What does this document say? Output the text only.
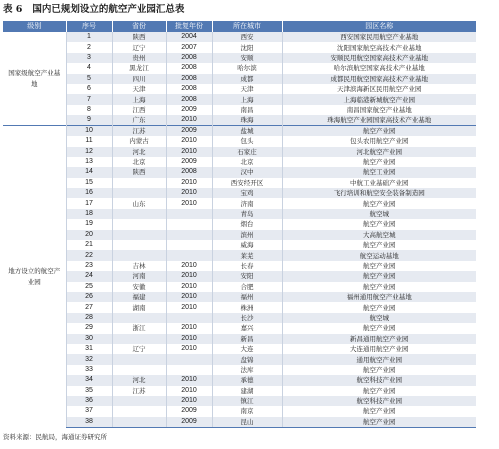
表 6 国内已规划设立的航空产业园汇总表
级别	序号	省份	批复年份	所在城市	园区名称
国家级航空产业基地	1	陕西	2004	西安	西安国家民用航空产业基地
	2	辽宁	2007	沈阳	沈阳国家航空高技术产业基地
	3	贵州	2008	安顺	安顺民用航空国家高技术产业基地
	4	黑龙江	2008	哈尔滨	哈尔滨航空国家高技术产业基地
	5	四川	2008	成都	成都民用航空国家高技术产业基地
	6	天津	2008	天津	天津滨海新区民用航空产业园
	7	上海	2008	上海	上海临港新城航空产业园
	8	江西	2009	南昌	南昌国家航空产业基地
	9	广东	2010	珠海	珠海航空产业园国家高技术产业基地
地方设立的航空产业园	10	江苏	2009	盐城	航空产业园
	11	内蒙古	2010	包头	包头农用航空产业园
	12	河北	2010	石家庄	河北航空产业园
	13	北京	2009	北京	航空产业园
	14	陕西	2008	汉中	航空工业园
	15		2010	西安经开区	中航工业基础产业园
	16		2010	宝鸡	飞行培训和航空安全装备制造园
	17	山东	2010	济南	航空产业园
	18			青岛	航空城
	19			烟台	航空产业园
	20			滨州	大高航空城
	21			威海	航空产业园
	22			莱芜	航空运动基地
	23	吉林	2010	长春	航空产业园
	24	河南	2010	安阳	航空产业园
	25	安徽	2010	合肥	航空产业园
	26	福建	2010	福州	福州通用航空产业基地
	27	湖南	2010	株洲	航空产业园
	28			长沙	航空城
	29	浙江	2010	嘉兴	航空产业园
	30		2010	新昌	新昌通用航空产业园
	31	辽宁	2010	大连	大连通用航空产业园
	32			盘锦	通用航空产业园
	33			法库	航空产业园
	34	河北	2010	承德	航空科技产业园
	35	江苏	2010	建湖	航空产业园
	36		2010	镇江	航空科技产业园
	37		2009	南京	航空产业园
	38		2009	昆山	航空产业园
资料来源：民航局，海通证券研究所
